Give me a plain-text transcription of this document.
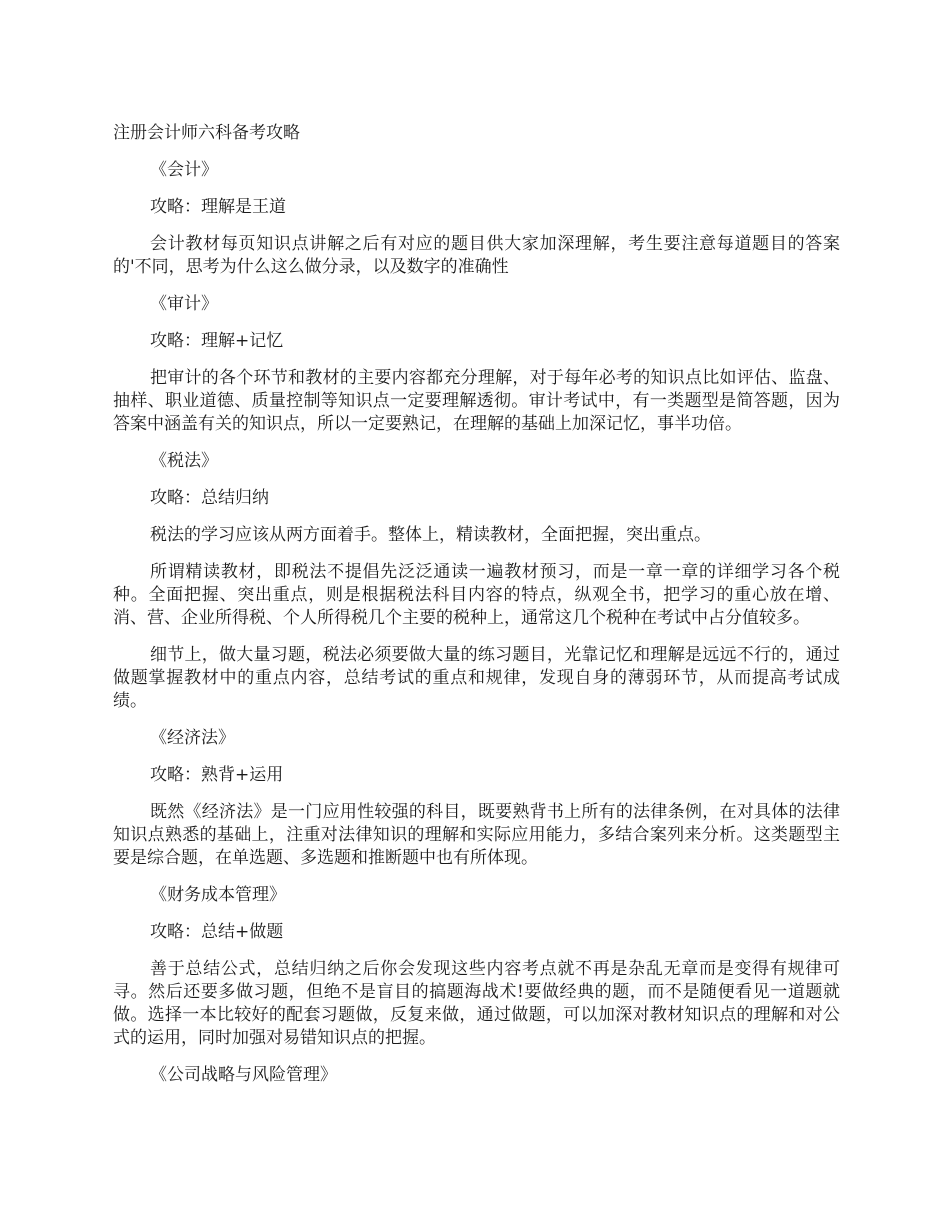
注册会计师六科备考攻略

《会计》

攻略：理解是王道

会计教材每页知识点讲解之后有对应的题目供大家加深理解，考生要注意每道题目的答案的'不同，思考为什么这么做分录，以及数字的准确性

《审计》

攻略：理解+记忆

把审计的各个环节和教材的主要内容都充分理解，对于每年必考的知识点比如评估、监盘、抽样、职业道德、质量控制等知识点一定要理解透彻。审计考试中，有一类题型是简答题，因为答案中涵盖有关的知识点，所以一定要熟记，在理解的基础上加深记忆，事半功倍。

《税法》

攻略：总结归纳

税法的学习应该从两方面着手。整体上，精读教材，全面把握，突出重点。

所谓精读教材，即税法不提倡先泛泛通读一遍教材预习，而是一章一章的详细学习各个税种。全面把握、突出重点，则是根据税法科目内容的特点，纵观全书，把学习的重心放在增、消、营、企业所得税、个人所得税几个主要的税种上，通常这几个税种在考试中占分值较多。

细节上，做大量习题，税法必须要做大量的练习题目，光靠记忆和理解是远远不行的，通过做题掌握教材中的重点内容，总结考试的重点和规律，发现自身的薄弱环节，从而提高考试成绩。

《经济法》

攻略：熟背+运用

既然《经济法》是一门应用性较强的科目，既要熟背书上所有的法律条例，在对具体的法律知识点熟悉的基础上，注重对法律知识的理解和实际应用能力，多结合案列来分析。这类题型主要是综合题，在单选题、多选题和推断题中也有所体现。

《财务成本管理》

攻略：总结+做题

善于总结公式，总结归纳之后你会发现这些内容考点就不再是杂乱无章而是变得有规律可寻。然后还要多做习题，但绝不是盲目的搞题海战术!要做经典的题，而不是随便看见一道题就做。选择一本比较好的配套习题做，反复来做，通过做题，可以加深对教材知识点的理解和对公式的运用，同时加强对易错知识点的把握。

《公司战略与风险管理》
